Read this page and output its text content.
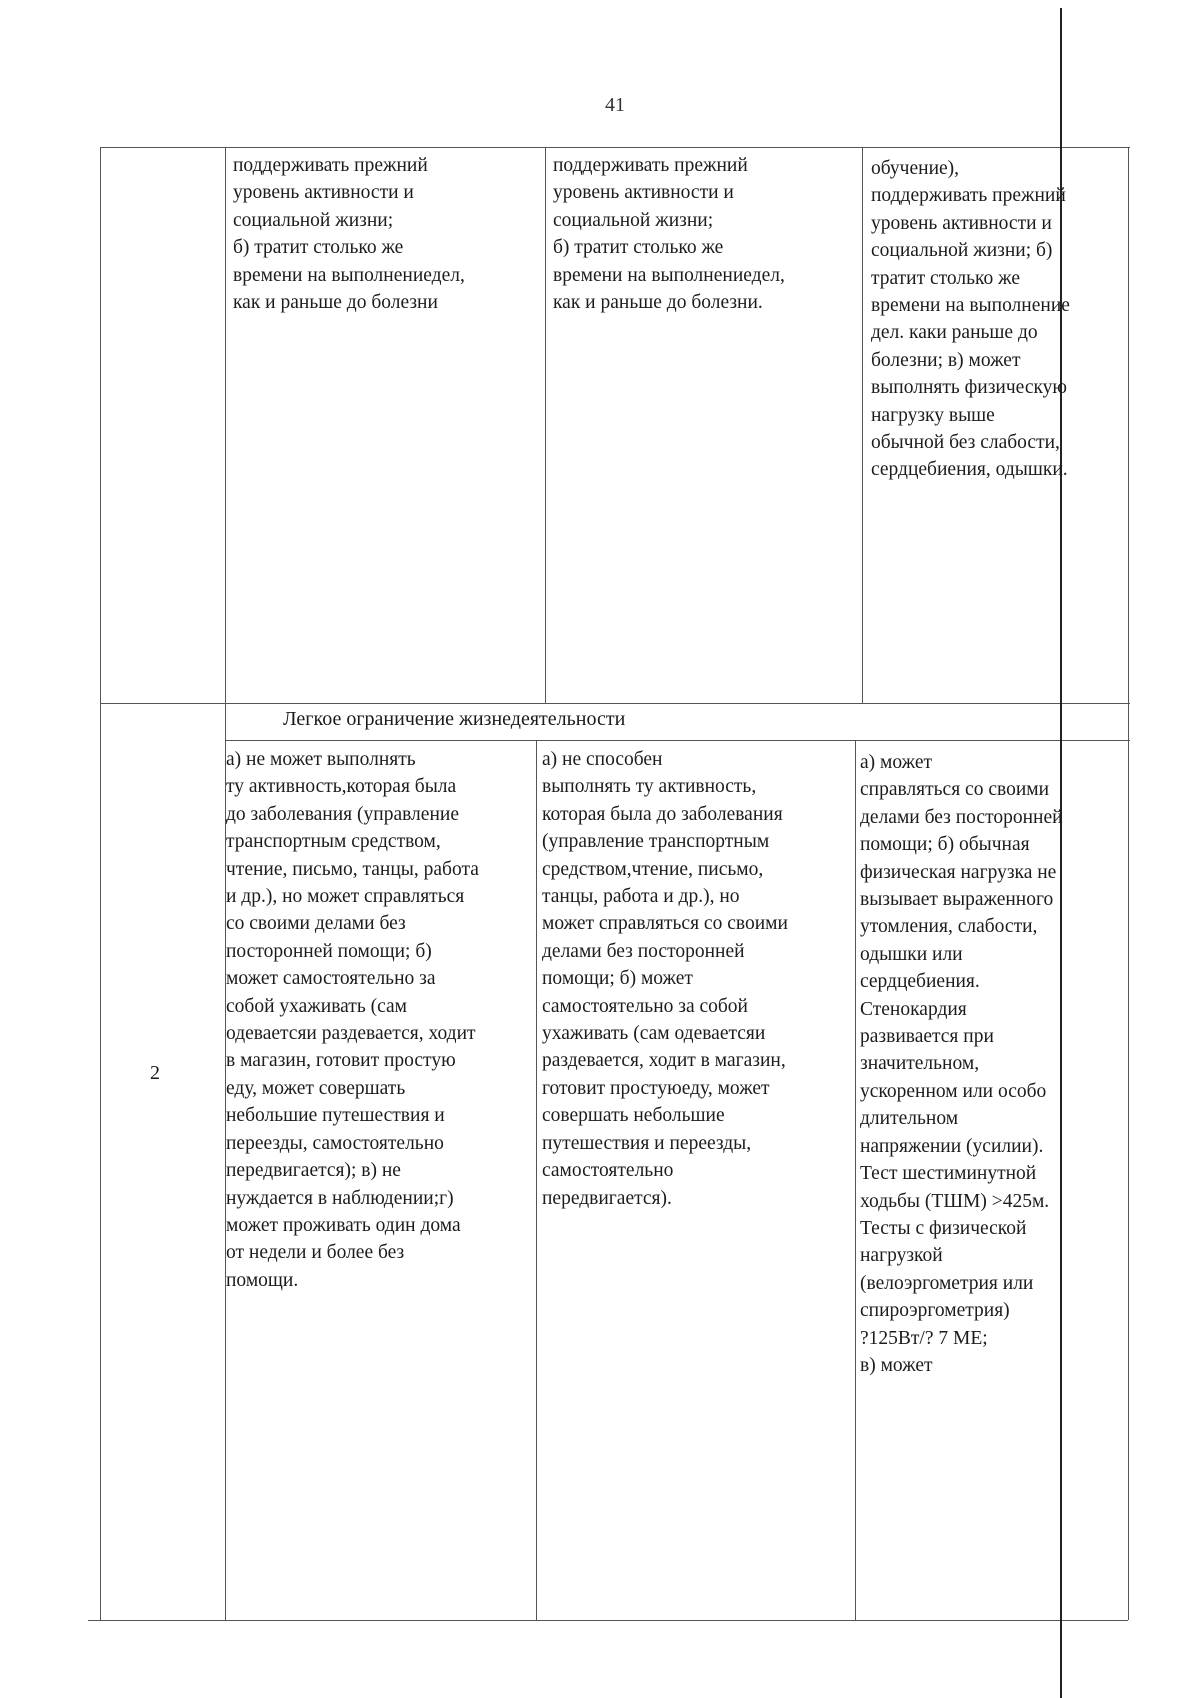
41
поддерживать прежний
уровень активности и
социальной жизни;
б) тратит столько же
времени на выполнениедел,
как и раньше до болезни
поддерживать прежний
уровень активности и
социальной жизни;
б) тратит столько же
времени на выполнениедел,
как и раньше до болезни.
обучение),
поддерживать прежний
уровень активности и
социальной жизни; б)
тратит столько же
времени на выполнение
дел. каки раньше до
болезни; в) может
выполнять физическую
нагрузку выше
обычной без слабости,
сердцебиения, одышки.
Легкое ограничение жизнедеятельности
2
а) не может выполнять
ту активность,которая была
до заболевания (управление
транспортным средством,
чтение, письмо, танцы, работа
и др.), но может справляться
со своими делами без
посторонней помощи; б)
может самостоятельно за
собой ухаживать (сам
одеваетсяи раздевается, ходит
в магазин, готовит простую
еду, может совершать
небольшие путешествия и
переезды, самостоятельно
передвигается); в) не
нуждается в наблюдении;г)
может проживать один дома
от недели и более без
помощи.
а) не способен
выполнять ту активность,
которая была до заболевания
(управление транспортным
средством,чтение, письмо,
танцы, работа и др.), но
может справляться со своими
делами без посторонней
помощи; б) может
самостоятельно за собой
ухаживать (сам одеваетсяи
раздевается, ходит в магазин,
готовит простуюеду, может
совершать небольшие
путешествия и переезды,
самостоятельно
передвигается).
а) может
справляться со своими
делами без посторонней
помощи; б) обычная
физическая нагрузка не
вызывает выраженного
утомления, слабости,
одышки или
сердцебиения.
Стенокардия
развивается при
значительном,
ускоренном или особо
длительном
напряжении (усилии).
Тест шестиминутной
ходьбы (ТШМ) >425м.
Тесты с физической
нагрузкой
(велоэргометрия или
спироэргометрия)
?125Вт/? 7 МЕ;
в) может
